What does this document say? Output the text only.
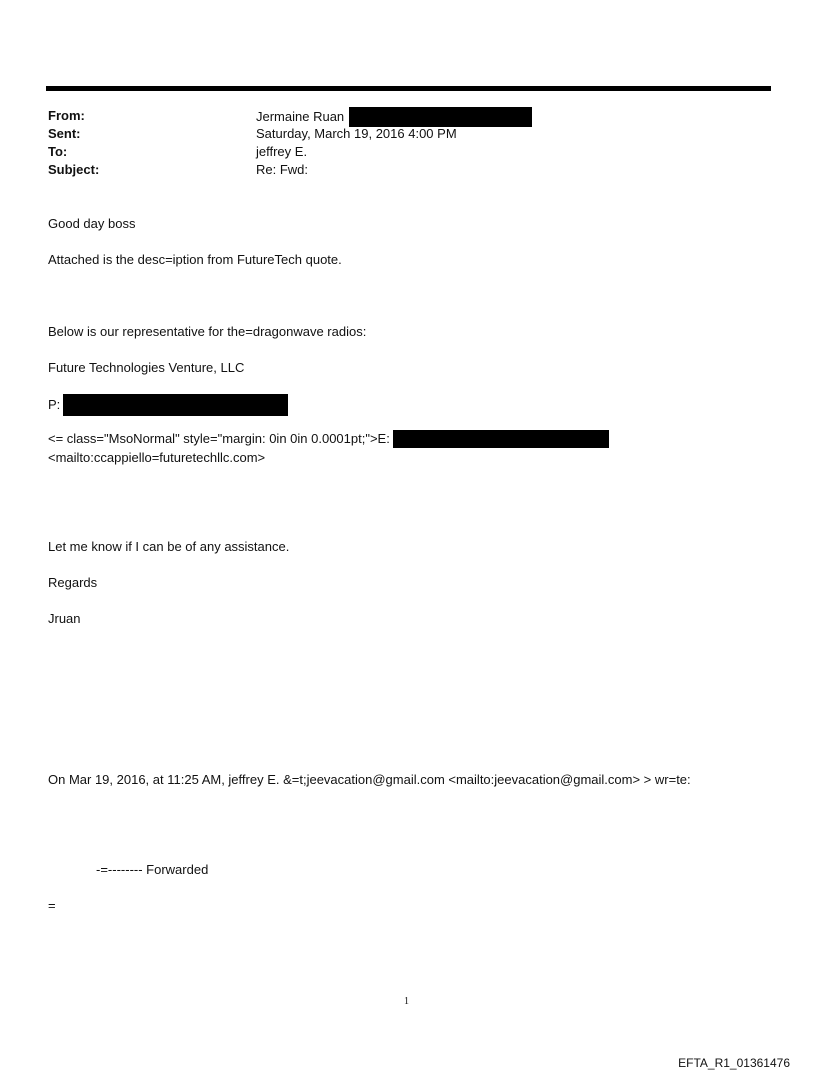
From:	Jermaine Ruan
Sent:	Saturday, March 19, 2016 4:00 PM
To:	jeffrey E.
Subject:	Re: Fwd:
Good day boss
Attached is the desc=iption from FutureTech quote.
Below is our representative for the=dragonwave radios:
Future Technologies Venture, LLC
P:
<= class="MsoNormal" style="margin: 0in 0in 0.0001pt;">E:
<mailto:ccappiello=futuretechllc.com>
Let me know if I can be of any assistance.
Regards
Jruan
On Mar 19, 2016, at 11:25 AM, jeffrey E. &=t;jeevacation@gmail.com <mailto:jeevacation@gmail.com> > wr=te:
-=-------- Forwarded
=
1
EFTA_R1_01361476
